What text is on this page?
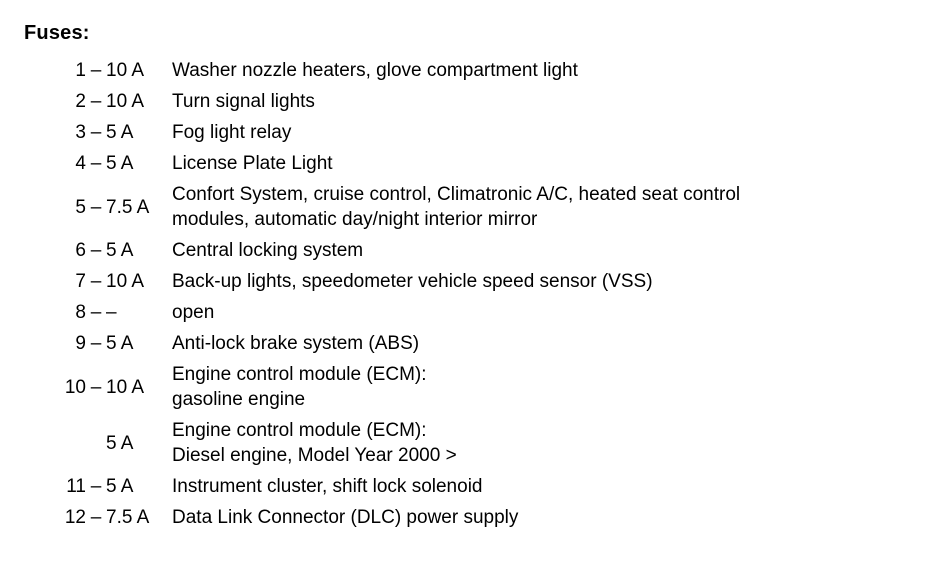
Fuses:
1	–	10 A	Washer nozzle heaters, glove compartment light

2	–	10 A	Turn signal lights

3	–	5 A	Fog light relay

4	–	5 A	License Plate Light

5	–	7.5 A	Confort System, cruise control, Climatronic A/C, heated seat control
modules, automatic day/night interior mirror

6	–	5 A	Central locking system

7	–	10 A	Back-up lights, speedometer vehicle speed sensor (VSS)

8	–	–	open

9	–	5 A	Anti-lock brake system (ABS)

10	–	10 A	Engine control module (ECM):
gasoline engine

		5 A	Engine control module (ECM):
Diesel engine, Model Year 2000 >

11	–	5 A	Instrument cluster, shift lock solenoid

12	–	7.5 A	Data Link Connector (DLC) power supply
